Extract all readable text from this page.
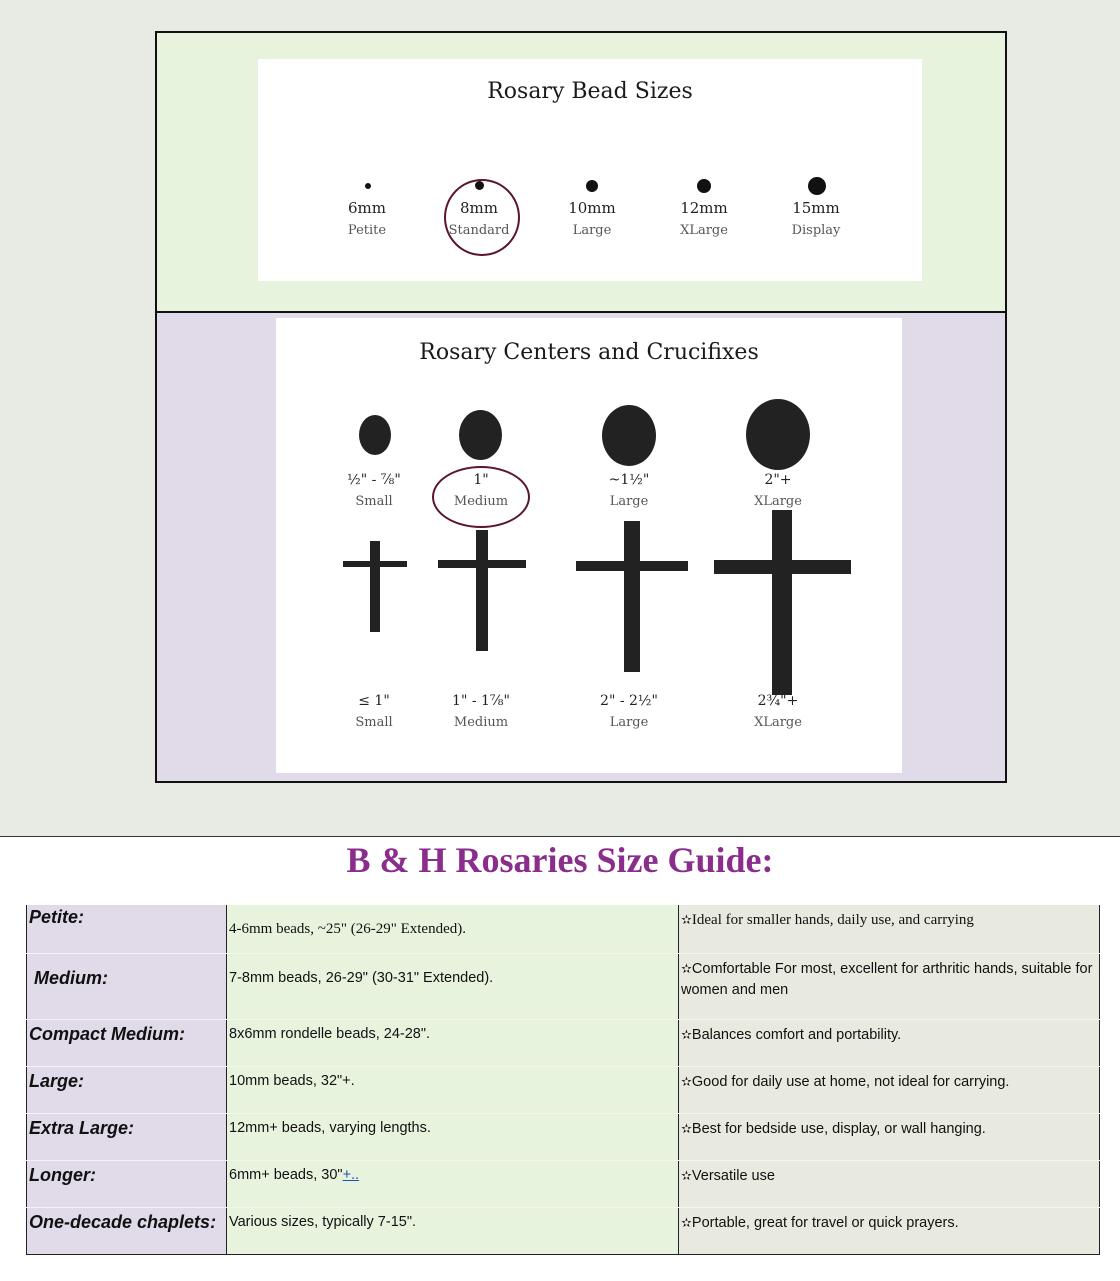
Rosary Bead Sizes
6mm
Petite
8mm
Standard
10mm
Large
12mm
XLarge
15mm
Display
Rosary Centers and Crucifixes
½" - ⅞"
Small
1"
Medium
~1½"
Large
2"+
XLarge
≤ 1"
Small
1" - 1⅞"
Medium
2" - 2½"
Large
2¾"+
XLarge
B & H Rosaries Size Guide:
Petite:	4-6mm beads, ~25" (26-29" Extended).	✫Ideal for smaller hands, daily use, and carrying
Medium:	7-8mm beads, 26-29" (30-31" Extended).	✫Comfortable For most, excellent for arthritic hands, suitable for women and men
Compact Medium:	8x6mm rondelle beads, 24-28".	✫Balances comfort and portability.
Large:	10mm beads, 32"+.	✫Good for daily use at home, not ideal for carrying.
Extra Large:	12mm+ beads, varying lengths.	✫Best for bedside use, display, or wall hanging.
Longer:	6mm+ beads, 30"+..	✫Versatile use
One-decade chaplets:	Various sizes, typically 7-15".	✫Portable, great for travel or quick prayers.
